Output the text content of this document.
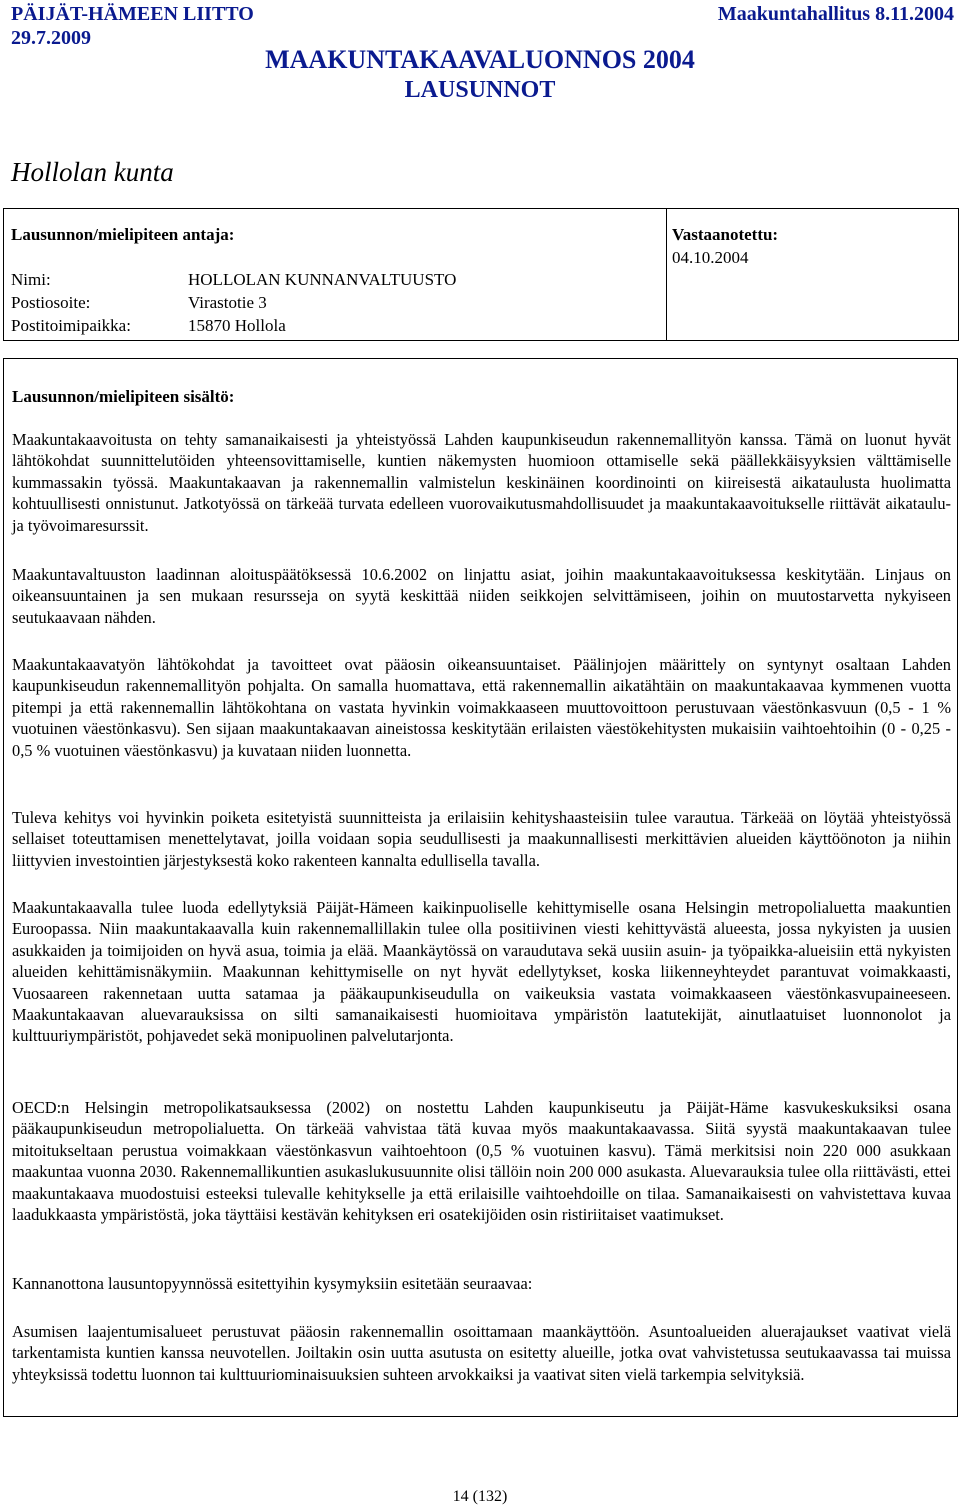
PÄIJÄT-HÄMEEN LIITTO
29.7.2009
Maakuntahallitus 8.11.2004
MAAKUNTAKAAVALUONNOS 2004
LAUSUNNOT
Hollolan kunta
Lausunnon/mielipiteen antaja:	Vastaanotettu:
04.10.2004
Nimi:	HOLLOLAN KUNNANVALTUUSTO
Postiosoite:	Virastotie 3
Postitoimipaikka:	15870 Hollola
Lausunnon/mielipiteen sisältö:
Maakuntakaavoitusta on tehty samanaikaisesti ja yhteistyössä Lahden kaupunkiseudun rakennemallityön kanssa. Tämä on luonut hyvät lähtökohdat suunnittelutöiden yhteensovittamiselle, kuntien näkemysten huomioon ottamiselle sekä päällekkäisyyksien välttämiselle kummassakin työssä. Maakuntakaavan ja rakennemallin valmistelun keskinäinen koordinointi on kiireisestä aikataulusta huolimatta kohtuullisesti onnistunut. Jatkotyössä on tärkeää turvata edelleen vuorovaikutusmahdollisuudet ja maakuntakaavoitukselle riittävät aikataulu- ja työvoimaresurssit.
Maakuntavaltuuston laadinnan aloituspäätöksessä 10.6.2002 on linjattu asiat, joihin maakuntakaavoituksessa keskitytään. Linjaus on oikeansuuntainen ja sen mukaan resursseja on syytä keskittää niiden seikkojen selvittämiseen, joihin on muutostarvetta nykyiseen seutukaavaan nähden.
Maakuntakaavatyön lähtökohdat ja tavoitteet ovat pääosin oikeansuuntaiset. Päälinjojen määrittely on syntynyt osaltaan Lahden kaupunkiseudun rakennemallityön pohjalta. On samalla huomattava, että rakennemallin aikatähtäin on maakuntakaavaa kymmenen vuotta pitempi ja että rakennemallin lähtökohtana on vastata hyvinkin voimakkaaseen muuttovoittoon perustuvaan väestönkasvuun (0,5 - 1 % vuotuinen väestönkasvu). Sen sijaan maakuntakaavan aineistossa keskitytään erilaisten väestökehitysten mukaisiin vaihtoehtoihin (0 - 0,25 - 0,5 % vuotuinen väestönkasvu) ja kuvataan niiden luonnetta.
Tuleva kehitys voi hyvinkin poiketa esitetyistä suunnitteista ja erilaisiin kehityshaasteisiin tulee varautua. Tärkeää on löytää yhteistyössä sellaiset toteuttamisen menettelytavat, joilla voidaan sopia seudullisesti ja maakunnallisesti merkittävien alueiden käyttöönoton ja niihin liittyvien investointien järjestyksestä koko rakenteen kannalta edullisella tavalla.
Maakuntakaavalla tulee luoda edellytyksiä Päijät-Hämeen kaikinpuoliselle kehittymiselle osana Helsingin metropolialuetta maakuntien Euroopassa. Niin maakuntakaavalla kuin rakennemallillakin tulee olla positiivinen viesti kehittyvästä alueesta, jossa nykyisten ja uusien asukkaiden ja toimijoiden on hyvä asua, toimia ja elää. Maankäytössä on varaudutava sekä uusiin asuin- ja työpaikka-alueisiin että nykyisten alueiden kehittämisnäkymiin. Maakunnan kehittymiselle on nyt hyvät edellytykset, koska liikenneyhteydet parantuvat voimakkaasti, Vuosaareen rakennetaan uutta satamaa ja pääkaupunkiseudulla on vaikeuksia vastata voimakkaaseen väestönkasvupaineeseen. Maakuntakaavan aluevarauksissa on silti samanaikaisesti huomioitava ympäristön laatutekijät, ainutlaatuiset luonnonolot ja kulttuuriympäristöt, pohjavedet sekä monipuolinen palvelutarjonta.
OECD:n Helsingin metropolikatsauksessa (2002) on nostettu Lahden kaupunkiseutu ja Päijät-Häme kasvukeskuksiksi osana pääkaupunkiseudun metropolialuetta. On tärkeää vahvistaa tätä kuvaa myös maakuntakaavassa. Siitä syystä maakuntakaavan tulee mitoitukseltaan perustua voimakkaan väestönkasvun vaihtoehtoon (0,5 % vuotuinen kasvu). Tämä merkitsisi noin 220 000 asukkaan maakuntaa vuonna 2030. Rakennemallikuntien asukaslukusuunnite olisi tällöin noin 200 000 asukasta. Aluevarauksia tulee olla riittävästi, ettei maakuntakaava muodostuisi esteeksi tulevalle kehitykselle ja että erilaisille vaihtoehdoille on tilaa. Samanaikaisesti on vahvistettava kuvaa laadukkaasta ympäristöstä, joka täyttäisi kestävän kehityksen eri osatekijöiden osin ristiriitaiset vaatimukset.
Kannanottona lausuntopyynnössä esitettyihin kysymyksiin esitetään seuraavaa:
Asumisen laajentumisalueet perustuvat pääosin rakennemallin osoittamaan maankäyttöön. Asuntoalueiden aluerajaukset vaativat vielä tarkentamista kuntien kanssa neuvotellen. Joiltakin osin uutta asutusta on esitetty alueille, jotka ovat vahvistetussa seutukaavassa tai muissa yhteyksissä todettu luonnon tai kulttuuriominaisuuksien suhteen arvokkaiksi ja vaativat siten vielä tarkempia selvityksiä.
14 (132)
